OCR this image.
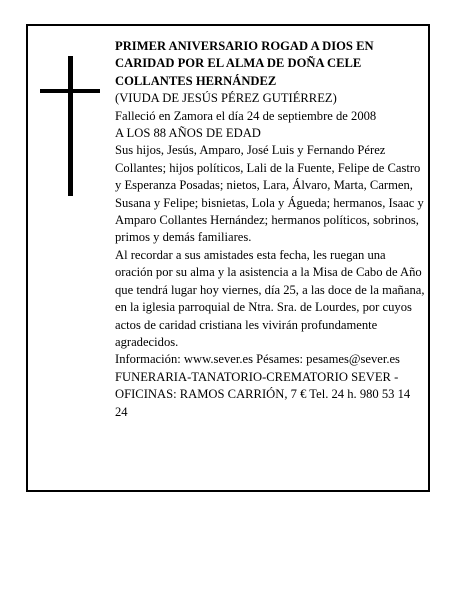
PRIMER ANIVERSARIO ROGAD A DIOS EN CARIDAD POR EL ALMA DE DOÑA CELE COLLANTES HERNÁNDEZ

(VIUDA DE JESÚS PÉREZ GUTIÉRREZ)

Falleció en Zamora el día 24 de septiembre de 2008

A LOS 88 AÑOS DE EDAD

Sus hijos, Jesús, Amparo, José Luis y Fernando Pérez Collantes; hijos políticos, Lali de la Fuente, Felipe de Castro y Esperanza Posadas; nietos, Lara, Álvaro, Marta, Carmen, Susana y Felipe; bisnietas, Lola y Águeda; hermanos, Isaac y Amparo Collantes Hernández; hermanos políticos, sobrinos, primos y demás familiares.

Al recordar a sus amistades esta fecha, les ruegan una oración por su alma y la asistencia a la Misa de Cabo de Año que tendrá lugar hoy viernes, día 25, a las doce de la mañana, en la iglesia parroquial de Ntra. Sra. de Lourdes, por cuyos actos de caridad cristiana les vivirán profundamente agradecidos.

Información: www.sever.es Pésames: pesames@sever.es

FUNERARIA-TANATORIO-CREMATORIO SEVER - OFICINAS: RAMOS CARRIÓN, 7 € Tel. 24 h. 980 53 14 24
